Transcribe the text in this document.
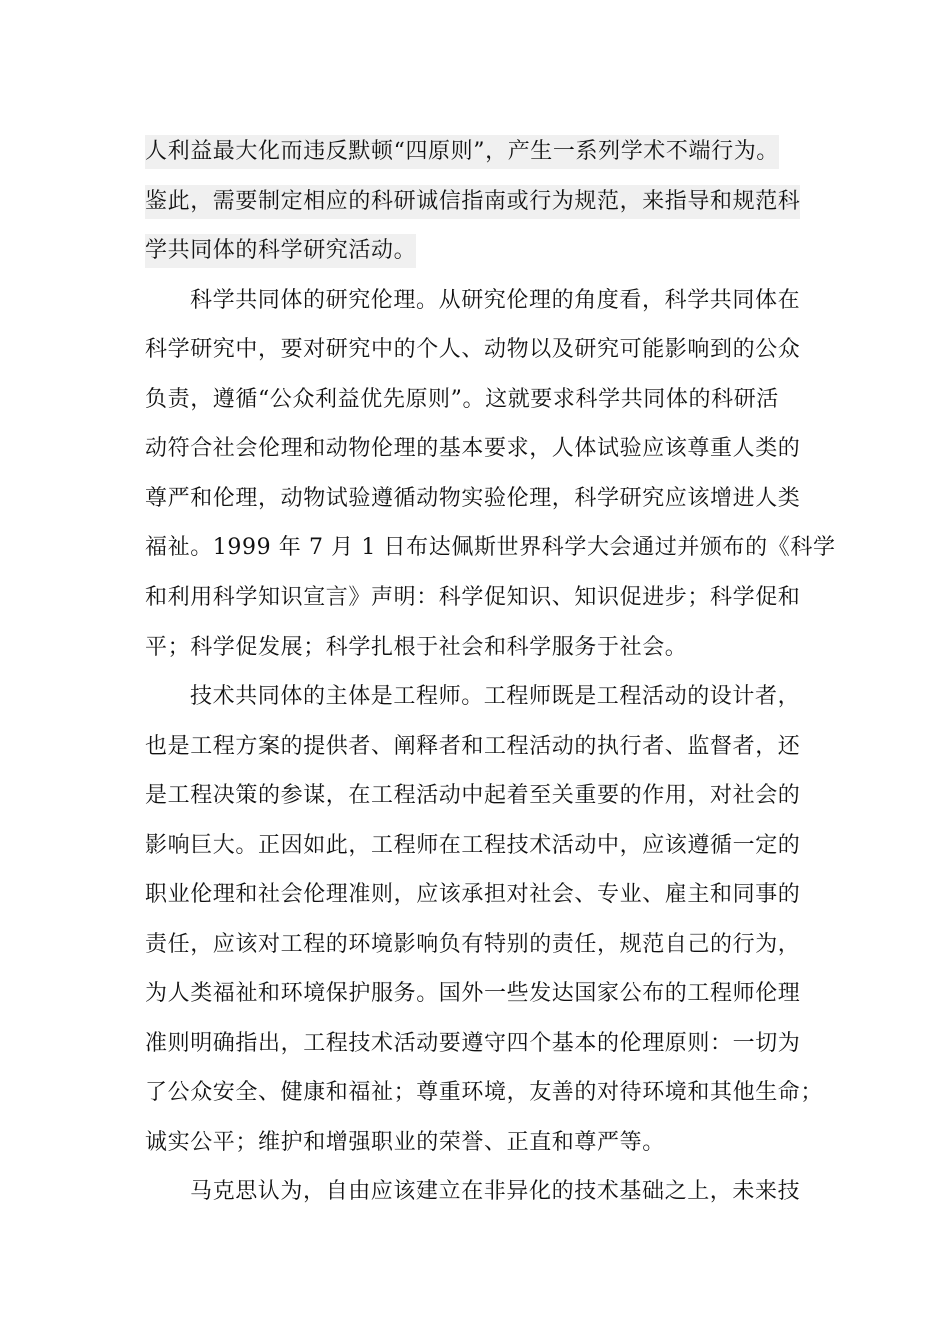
人利益最大化而违反默顿“四原则”，产生一系列学术不端行为。
鉴此，需要制定相应的科研诚信指南或行为规范，来指导和规范科
学共同体的科学研究活动。
科学共同体的研究伦理。从研究伦理的角度看，科学共同体在
科学研究中，要对研究中的个人、动物以及研究可能影响到的公众
负责，遵循“公众利益优先原则”。这就要求科学共同体的科研活
动符合社会伦理和动物伦理的基本要求，人体试验应该尊重人类的
尊严和伦理，动物试验遵循动物实验伦理，科学研究应该增进人类
福祉。1999 年 7 月 1 日布达佩斯世界科学大会通过并颁布的《科学
和利用科学知识宣言》声明：科学促知识、知识促进步；科学促和
平；科学促发展；科学扎根于社会和科学服务于社会。
技术共同体的主体是工程师。工程师既是工程活动的设计者，
也是工程方案的提供者、阐释者和工程活动的执行者、监督者，还
是工程决策的参谋，在工程活动中起着至关重要的作用，对社会的
影响巨大。正因如此，工程师在工程技术活动中，应该遵循一定的
职业伦理和社会伦理准则，应该承担对社会、专业、雇主和同事的
责任，应该对工程的环境影响负有特别的责任，规范自己的行为，
为人类福祉和环境保护服务。国外一些发达国家公布的工程师伦理
准则明确指出，工程技术活动要遵守四个基本的伦理原则：一切为
了公众安全、健康和福祉；尊重环境，友善的对待环境和其他生命；
诚实公平；维护和增强职业的荣誉、正直和尊严等。
马克思认为，自由应该建立在非异化的技术基础之上，未来技
